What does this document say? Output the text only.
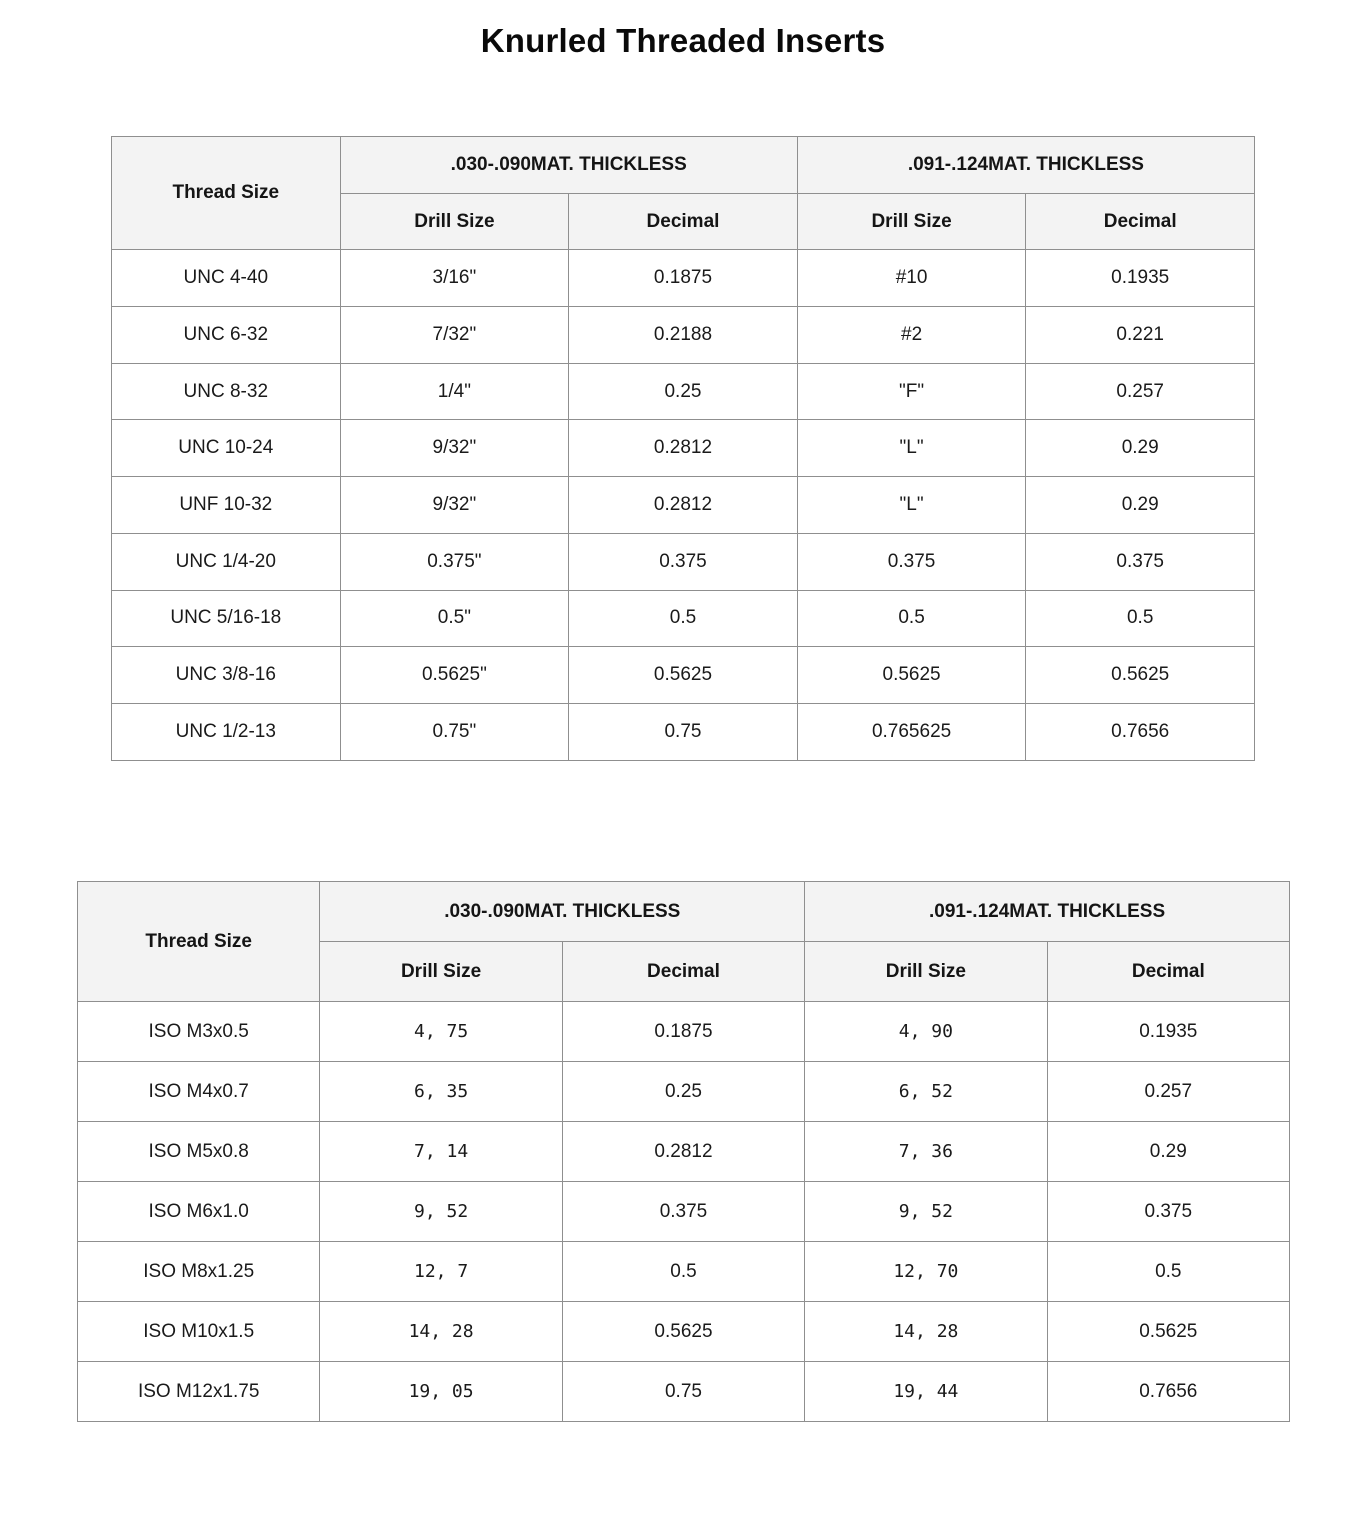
Knurled Threaded Inserts
Thread Size	.030-.090MAT. THICKLESS		.091-.124MAT. THICKLESS	
	Drill Size	Decimal	Drill Size	Decimal
UNC 4-40	3/16"	0.1875	#10	0.1935
UNC 6-32	7/32"	0.2188	#2	0.221
UNC 8-32	1/4"	0.25	"F"	0.257
UNC 10-24	9/32"	0.2812	"L"	0.29
UNF 10-32	9/32"	0.2812	"L"	0.29
UNC 1/4-20	0.375"	0.375	0.375	0.375
UNC 5/16-18	0.5"	0.5	0.5	0.5
UNC 3/8-16	0.5625"	0.5625	0.5625	0.5625
UNC 1/2-13	0.75"	0.75	0.765625	0.7656
Thread Size	.030-.090MAT. THICKLESS		.091-.124MAT. THICKLESS	
	Drill Size	Decimal	Drill Size	Decimal
ISO M3x0.5	4, 75	0.1875	4, 90	0.1935
ISO M4x0.7	6, 35	0.25	6, 52	0.257
ISO M5x0.8	7, 14	0.2812	7, 36	0.29
ISO M6x1.0	9, 52	0.375	9, 52	0.375
ISO M8x1.25	12, 7	0.5	12, 70	0.5
ISO M10x1.5	14, 28	0.5625	14, 28	0.5625
ISO M12x1.75	19, 05	0.75	19, 44	0.7656
